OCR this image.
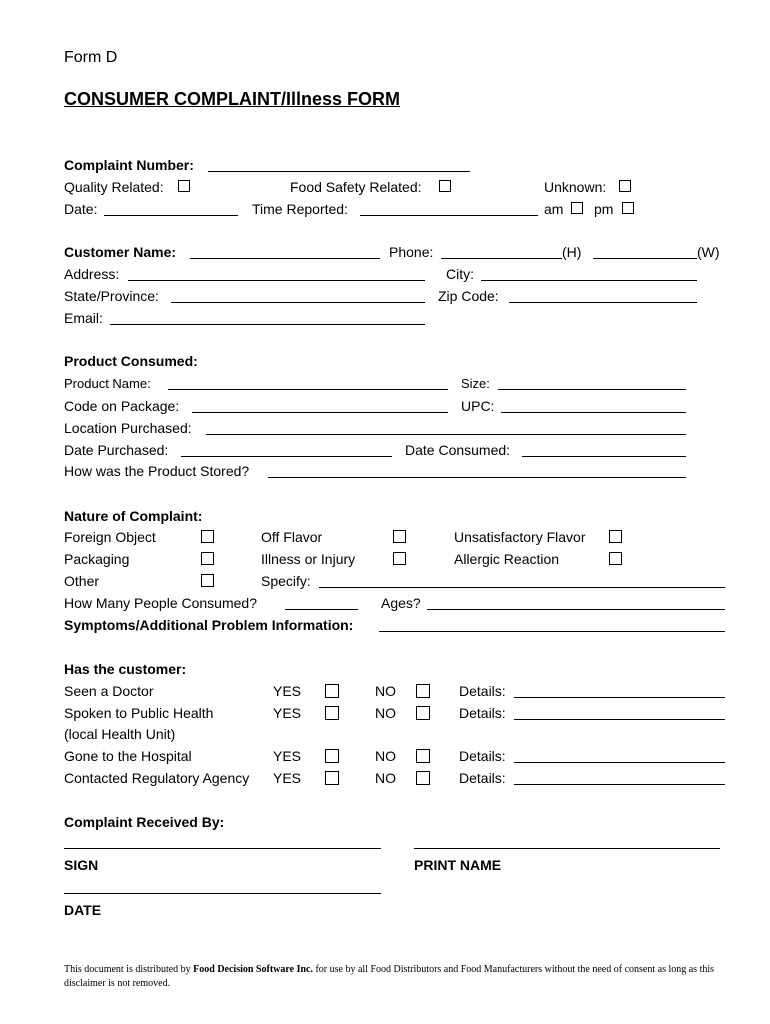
Form D
CONSUMER COMPLAINT/Illness FORM
Complaint Number:
Quality Related:	Food Safety Related:	Unknown:
Date:	Time Reported:	am pm
Customer Name:	Phone:	(H)	(W)
Address:	City:
State/Province:	Zip Code:
Email:
Product Consumed:
Product Name:	Size:
Code on Package:	UPC:
Location Purchased:
Date Purchased:	Date Consumed:
How was the Product Stored?
Nature of Complaint:
Foreign Object	Off Flavor	Unsatisfactory Flavor
Packaging	Illness or Injury	Allergic Reaction
Other	Specify:
How Many People Consumed?	Ages?
Symptoms/Additional Problem Information:
Has the customer:
Seen a Doctor	YES	NO	Details:
Spoken to Public Health	YES	NO	Details:
(local Health Unit)
Gone to the Hospital	YES	NO	Details:
Contacted Regulatory Agency YES	NO	Details:
Complaint Received By:
SIGN	PRINT NAME
DATE
This document is distributed by Food Decision Software Inc. for use by all Food Distributors and Food Manufacturers without the need of consent as long as this disclaimer is not removed.
